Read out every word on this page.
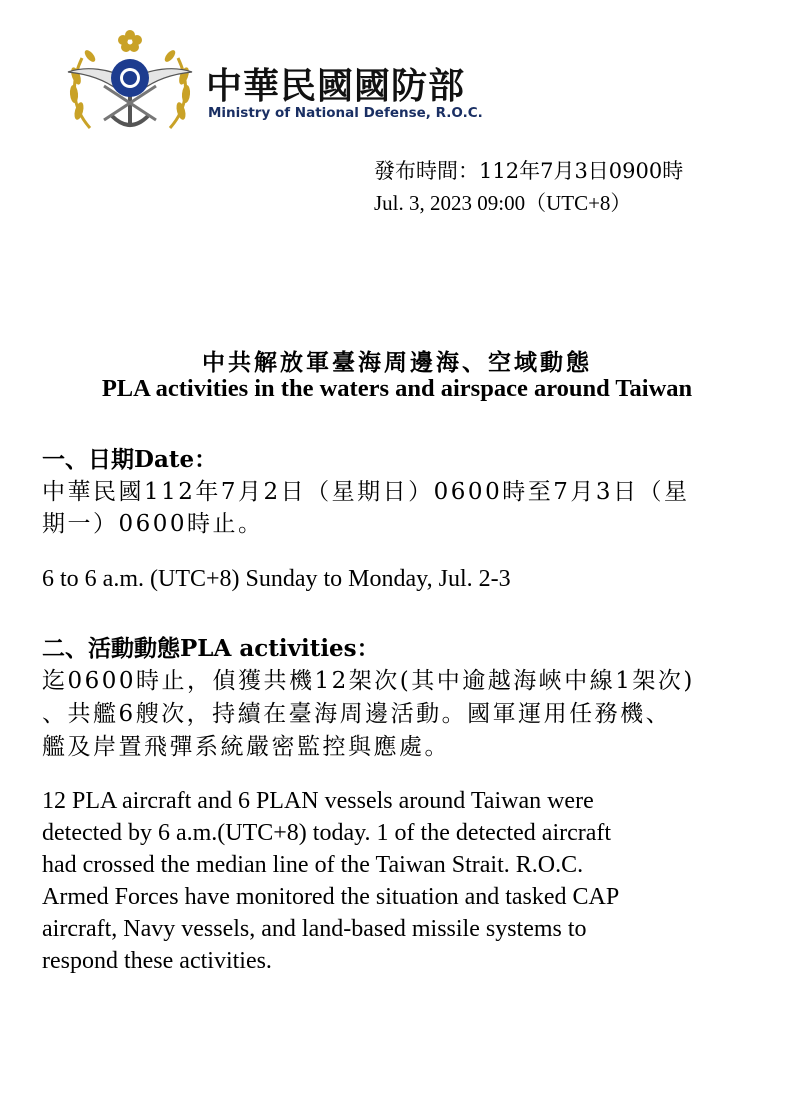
中華民國國防部
Ministry of National Defense, R.O.C.
發布時間：112年7月3日0900時
Jul. 3, 2023 09:00（UTC+8）
中共解放軍臺海周邊海、空域動態
PLA activities in the waters and airspace around Taiwan
一、日期Date：
中華民國112年7月2日（星期日）0600時至7月3日（星
期一）0600時止。
6 to 6 a.m. (UTC+8) Sunday to Monday, Jul. 2-3
二、活動動態PLA activities：
迄0600時止，偵獲共機12架次(其中逾越海峽中線1架次)
、共艦6艘次，持續在臺海周邊活動。國軍運用任務機、
艦及岸置飛彈系統嚴密監控與應處。
12 PLA aircraft and 6 PLAN vessels around Taiwan were
detected by 6 a.m.(UTC+8) today. 1 of the detected aircraft
had crossed the median line of the Taiwan Strait. R.O.C.
Armed Forces have monitored the situation and tasked CAP
aircraft, Navy vessels, and land-based missile systems to
respond these activities.
